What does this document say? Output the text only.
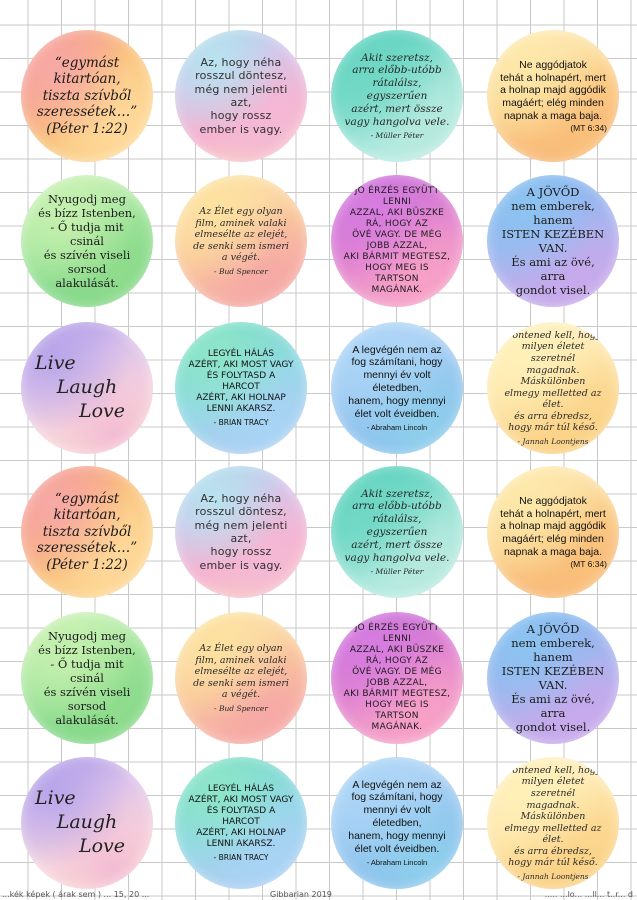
“egymást
kitartóan,
tiszta szívből
szeressétek…”
(Péter 1:22)
Az, hogy néha
rosszul döntesz,
még nem jelenti azt,
hogy rossz
ember is vagy.
Akit szeretsz,
arra előbb-utóbb
rátalálsz, egyszerűen
azért, mert össze
vagy hangolva vele.
- Müller Péter
Ne aggódjatok
tehát a holnapért, mert
a holnap majd aggódik
magáért; elég minden
napnak a maga baja.
(MT 6:34)
Nyugodj meg
és bízz Istenben,
- Ő tudja mit csinál
és szívén viseli
sorsod
alakulását.
Az Élet egy olyan
film, aminek valaki
elmesélte az elejét,
de senki sem ismeri
a végét.
- Bud Spencer
JÓ ÉRZÉS EGYÜTT LENNI
AZZAL, AKI BÜSZKE RÁ, HOGY AZ
ÖVÉ VAGY. DE MÉG JOBB AZZAL,
AKI BÁRMIT MEGTESZ,
HOGY MEG IS TARTSON
MAGÁNAK.
A JÖVŐD
nem emberek, hanem
ISTEN KEZÉBEN VAN.
És ami az övé, arra
gondot visel.
Live
Laugh
Love
LEGYÉL HÁLÁS
AZÉRT, AKI MOST VAGY
ÉS FOLYTASD A HARCOT
AZÉRT, AKI HOLNAP
LENNI AKARSZ.
- BRIAN TRACY
A legvégén nem az
fog számítani, hogy
mennyi év volt életedben,
hanem, hogy mennyi
élet volt éveidben.
- Abraham Lincoln
Döntened kell, hogy
milyen életet szeretnél
magadnak. Máskülönben
elmegy melletted az élet.
és arra ébredsz,
hogy már túl késő.
- Jannah Loontjens
“egymást
kitartóan,
tiszta szívből
szeressétek…”
(Péter 1:22)
Az, hogy néha
rosszul döntesz,
még nem jelenti azt,
hogy rossz
ember is vagy.
Akit szeretsz,
arra előbb-utóbb
rátalálsz, egyszerűen
azért, mert össze
vagy hangolva vele.
- Müller Péter
Ne aggódjatok
tehát a holnapért, mert
a holnap majd aggódik
magáért; elég minden
napnak a maga baja.
(MT 6:34)
Nyugodj meg
és bízz Istenben,
- Ő tudja mit csinál
és szívén viseli
sorsod
alakulását.
Az Élet egy olyan
film, aminek valaki
elmesélte az elejét,
de senki sem ismeri
a végét.
- Bud Spencer
JÓ ÉRZÉS EGYÜTT LENNI
AZZAL, AKI BÜSZKE RÁ, HOGY AZ
ÖVÉ VAGY. DE MÉG JOBB AZZAL,
AKI BÁRMIT MEGTESZ,
HOGY MEG IS TARTSON
MAGÁNAK.
A JÖVŐD
nem emberek, hanem
ISTEN KEZÉBEN VAN.
És ami az övé, arra
gondot visel.
Live
Laugh
Love
LEGYÉL HÁLÁS
AZÉRT, AKI MOST VAGY
ÉS FOLYTASD A HARCOT
AZÉRT, AKI HOLNAP
LENNI AKARSZ.
- BRIAN TRACY
A legvégén nem az
fog számítani, hogy
mennyi év volt életedben,
hanem, hogy mennyi
élet volt éveidben.
- Abraham Lincoln
Döntened kell, hogy
milyen életet szeretnél
magadnak. Máskülönben
elmegy melletted az élet.
és arra ébredsz,
hogy már túl késő.
- Jannah Loontjens
...kék képek ( árak sem ) ... 15, 20 ...	Gibbarian 2019	..... ...lo... ...ll... t..r... d
